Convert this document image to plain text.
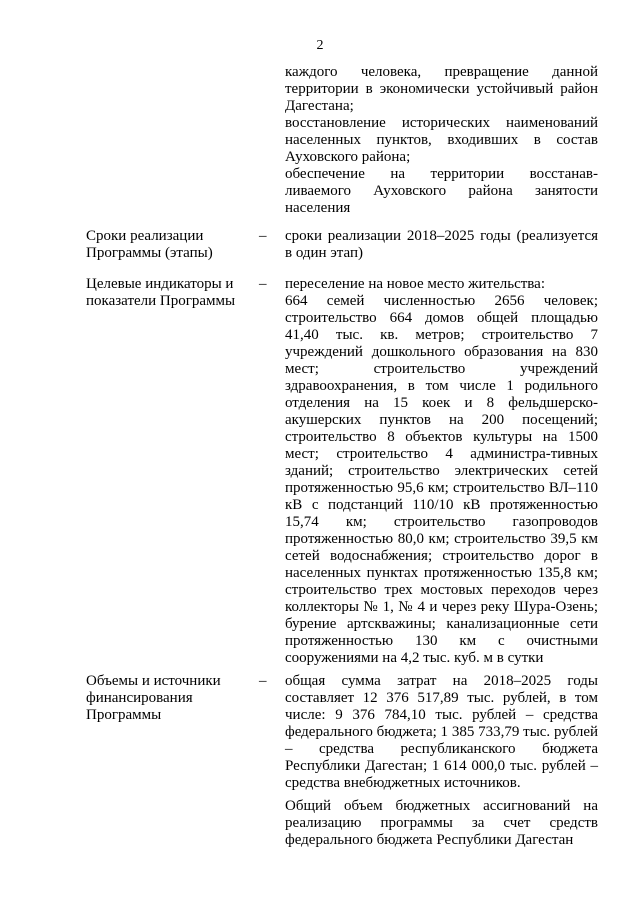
2

каждого человека, превращение данной территории в экономически устойчивый район Дагестана;

восстановление исторических наименований населенных пунктов, входивших в состав Ауховского района;

обеспечение на территории восстанав-ливаемого Ауховского района занятости населения

Сроки реализации Программы (этапы)
– сроки реализации 2018–2025 годы (реализуется в один этап)

Целевые индикаторы и показатели Программы
– переселение на новое место жительства:

664 семей численностью 2656 человек; строительство 664 домов общей площадью 41,40 тыс. кв. метров; строительство 7 учреждений дошкольного образования на 830 мест; строительство учреждений здравоохранения, в том числе 1 родильного отделения на 15 коек и 8 фельдшерско-акушерских пунктов на 200 посещений; строительство 8 объектов культуры на 1500 мест; строительство 4 администра-тивных зданий; строительство электрических сетей протяженностью 95,6 км; строительство ВЛ–110 кВ с подстанций 110/10 кВ протяженностью 15,74 км; строительство газопроводов протяженностью 80,0 км; строительство 39,5 км сетей водоснабжения; строительство дорог в населенных пунктах протяженностью 135,8 км; строительство трех мостовых переходов через коллекторы № 1, № 4 и через реку Шура-Озень; бурение артскважины; канализационные сети протяженностью 130 км с очистными сооружениями на 4,2 тыс. куб. м в сутки

Объемы и источники финансирования Программы
– общая сумма затрат на 2018–2025 годы составляет 12 376 517,89 тыс. рублей, в том числе: 9 376 784,10 тыс. рублей – средства федерального бюджета; 1 385 733,79 тыс. рублей – средства республиканского бюджета Республики Дагестан; 1 614 000,0 тыс. рублей – средства внебюджетных источников.

Общий объем бюджетных ассигнований на реализацию программы за счет средств федерального бюджета Республики Дагестан
